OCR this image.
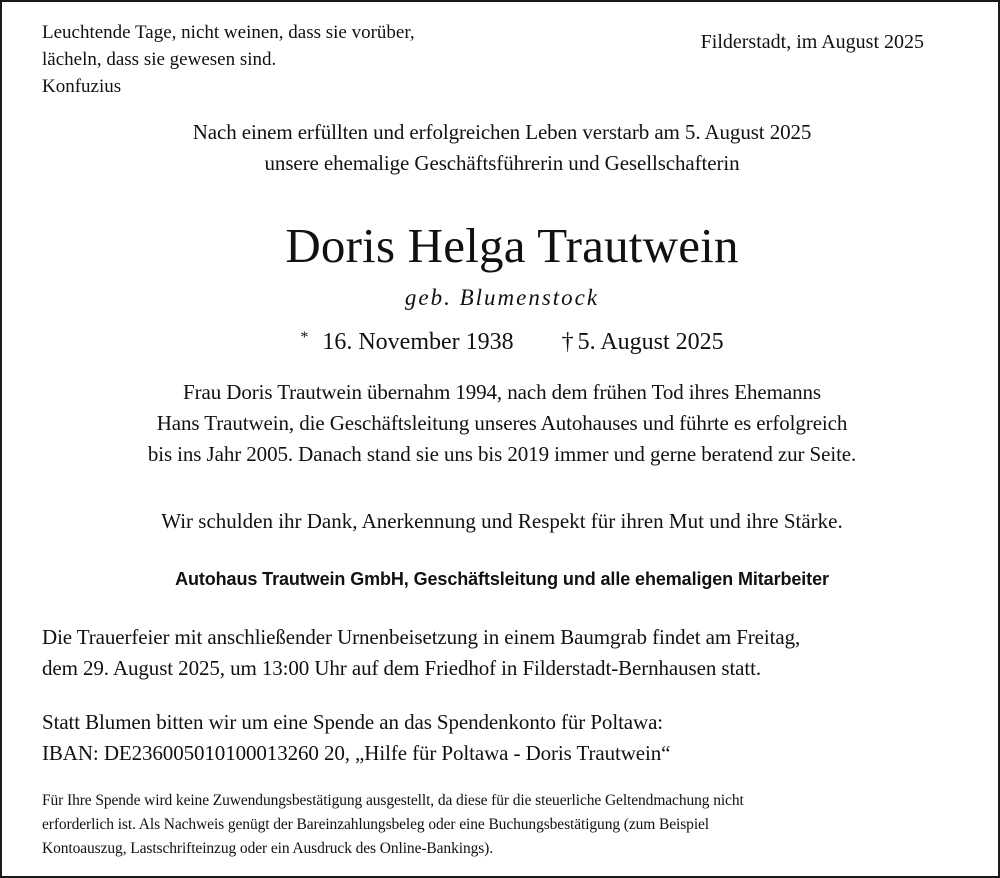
Leuchtende Tage, nicht weinen, dass sie vorüber,
lächeln, dass sie gewesen sind.
Konfuzius
Filderstadt, im August 2025
Nach einem erfüllten und erfolgreichen Leben verstarb am 5. August 2025
unsere ehemalige Geschäftsführerin und Gesellschafterin
Doris Helga Trautwein
geb. Blumenstock
* 16. November 1938 † 5. August 2025
Frau Doris Trautwein übernahm 1994, nach dem frühen Tod ihres Ehemanns
Hans Trautwein, die Geschäftsleitung unseres Autohauses und führte es erfolgreich
bis ins Jahr 2005. Danach stand sie uns bis 2019 immer und gerne beratend zur Seite.
Wir schulden ihr Dank, Anerkennung und Respekt für ihren Mut und ihre Stärke.
Autohaus Trautwein GmbH, Geschäftsleitung und alle ehemaligen Mitarbeiter
Die Trauerfeier mit anschließender Urnenbeisetzung in einem Baumgrab findet am Freitag,
dem 29. August 2025, um 13:00 Uhr auf dem Friedhof in Filderstadt-Bernhausen statt.
Statt Blumen bitten wir um eine Spende an das Spendenkonto für Poltawa:
IBAN: DE236005010100013260 20, „Hilfe für Poltawa - Doris Trautwein“
Für Ihre Spende wird keine Zuwendungsbestätigung ausgestellt, da diese für die steuerliche Geltendmachung nicht
erforderlich ist. Als Nachweis genügt der Bareinzahlungsbeleg oder eine Buchungsbestätigung (zum Beispiel
Kontoauszug, Lastschrifteinzug oder ein Ausdruck des Online-Bankings).
